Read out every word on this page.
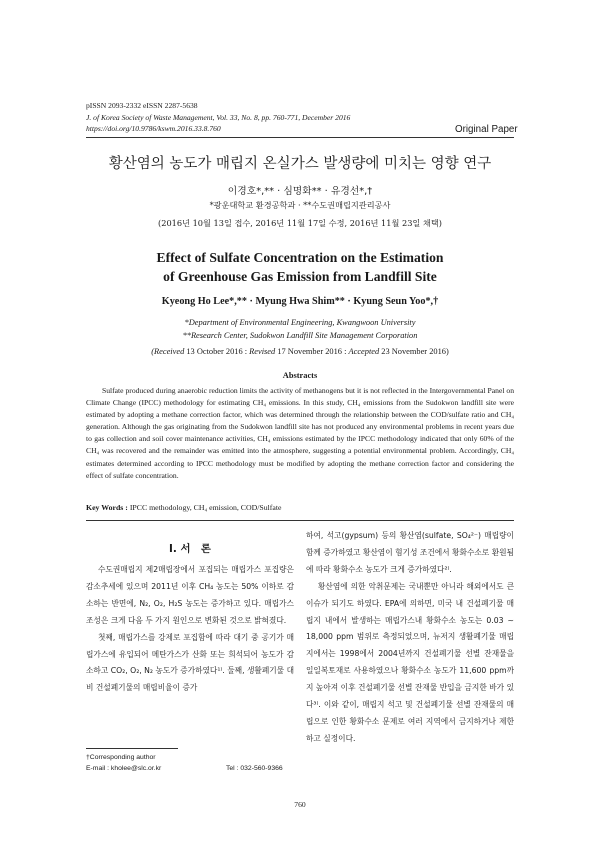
pISSN 2093-2332 eISSN 2287-5638
J. of Korea Society of Waste Management, Vol. 33, No. 8, pp. 760-771, December 2016
https://doi.org/10.9786/kswm.2016.33.8.760	Original Paper
황산염의 농도가 매립지 온실가스 발생량에 미치는 영향 연구
이경호*,** · 심명화** · 유경선*,†
*광운대학교 환경공학과 · **수도권매립지관리공사
(2016년 10월 13일 접수, 2016년 11월 17일 수정, 2016년 11월 23일 채택)
Effect of Sulfate Concentration on the Estimation
of Greenhouse Gas Emission from Landfill Site
Kyeong Ho Lee*,** · Myung Hwa Shim** · Kyung Seun Yoo*,†
*Department of Environmental Engineering, Kwangwoon University
**Research Center, Sudokwon Landfill Site Management Corporation
(Received 13 October 2016 : Revised 17 November 2016 : Accepted 23 November 2016)
Abstracts
Sulfate produced during anaerobic reduction limits the activity of methanogens but it is not reflected in the Intergovernmental Panel on Climate Change (IPCC) methodology for estimating CH₄ emissions. In this study, CH₄ emissions from the Sudokwon landfill site were estimated by adopting a methane correction factor, which was determined through the relationship between the COD/sulfate ratio and CH₄ generation. Although the gas originating from the Sudokwon landfill site has not produced any environmental problems in recent years due to gas collection and soil cover maintenance activities, CH₄ emissions estimated by the IPCC methodology indicated that only 60% of the CH₄ was recovered and the remainder was emitted into the atmosphere, suggesting a potential environmental problem. Accordingly, CH₄ estimates determined according to IPCC methodology must be modified by adopting the methane correction factor and considering the effect of sulfate concentration.
Key Words : IPCC methodology, CH₄ emission, COD/Sulfate
I. 서　론

수도권매립지 제2매립장에서 포집되는 매립가스 포집량은 감소추세에 있으며 2011년 이후 CH₄ 농도는 50% 이하로 감소하는 반면에, N₂, O₂, H₂S 농도는 증가하고 있다. 매립가스 조성은 크게 다음 두 가지 원인으로 변화된 것으로 밝혀졌다.

첫째, 매립가스를 강제로 포집함에 따라 대기 중 공기가 매립가스에 유입되어 메탄가스가 산화 또는 희석되어 농도가 감소하고 CO₂, O₂, N₂ 농도가 증가하였다¹⁾. 둘째, 생활폐기물 대비 건설폐기물의 매립비율이 증가

하여, 석고(gypsum) 등의 황산염(sulfate, SO₄²⁻) 매립량이 함께 증가하였고 황산염이 혐기성 조건에서 황화수소로 환원됨에 따라 황화수소 농도가 크게 증가하였다²⁾.

황산염에 의한 악취문제는 국내뿐만 아니라 해외에서도 큰 이슈가 되기도 하였다. EPA에 의하면, 미국 내 건설폐기물 매립지 내에서 발생하는 매립가스내 황화수소 농도는 0.03 ~ 18,000 ppm 범위로 측정되었으며, 뉴저지 생활폐기물 매립지에서는 1998에서 2004년까지 건설폐기물 선별 잔재물을 일일복토재로 사용하였으나 황화수소 농도가 11,600 ppm까지 높아져 이후 건설폐기물 선별 잔재물 반입을 금지한 바가 있다³⁾. 이와 같이, 매립지 석고 및 건설폐기물 선별 잔재물의 매립으로 인한 황화수소 문제로 여러 지역에서 금지하거나 제한하고 실정이다.

†Corresponding author
E-mail : kholee@slc.or.kr	Tel : 032-560-9366
760
